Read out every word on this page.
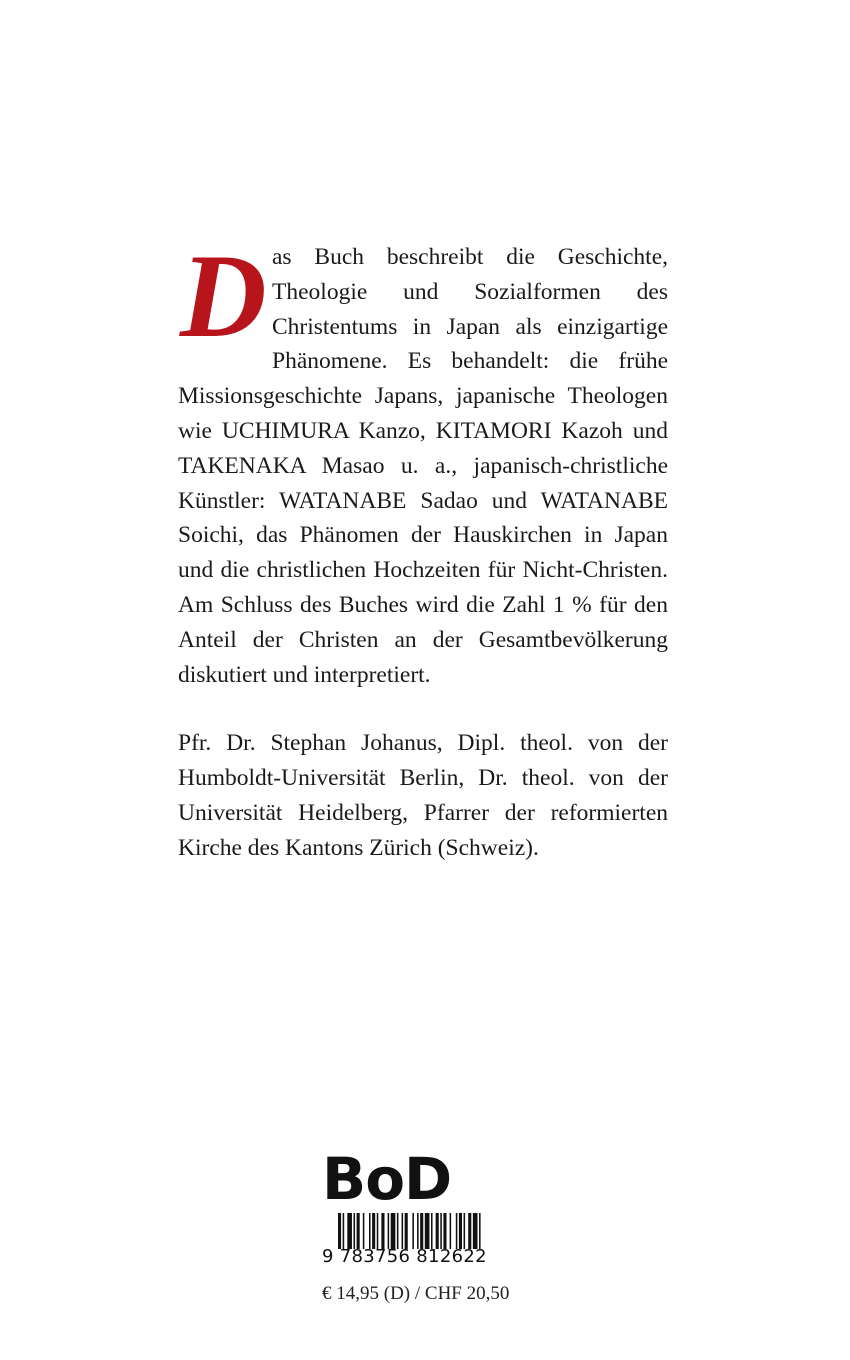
D as Buch beschreibt die Geschichte, Theologie und Sozialformen des Christentums in Japan als einzigartige Phänomene. Es behandelt: die frühe Missionsgeschichte Japans, japanische Theologen wie UCHIMURA Kanzo, KITAMORI Kazoh und TAKENAKA Masao u. a., japanisch-christliche Künstler: WATANABE Sadao und WATANABE Soichi, das Phänomen der Hauskirchen in Japan und die christlichen Hochzeiten für Nicht-Christen. Am Schluss des Buches wird die Zahl 1 % für den Anteil der Christen an der Gesamtbevölkerung diskutiert und interpretiert.

Pfr. Dr. Stephan Johanus, Dipl. theol. von der Humboldt-Universität Berlin, Dr. theol. von der Universität Heidelberg, Pfarrer der reformierten Kirche des Kantons Zürich (Schweiz).

BoD
9 783756 812622
€ 14,95 (D) / CHF 20,50
